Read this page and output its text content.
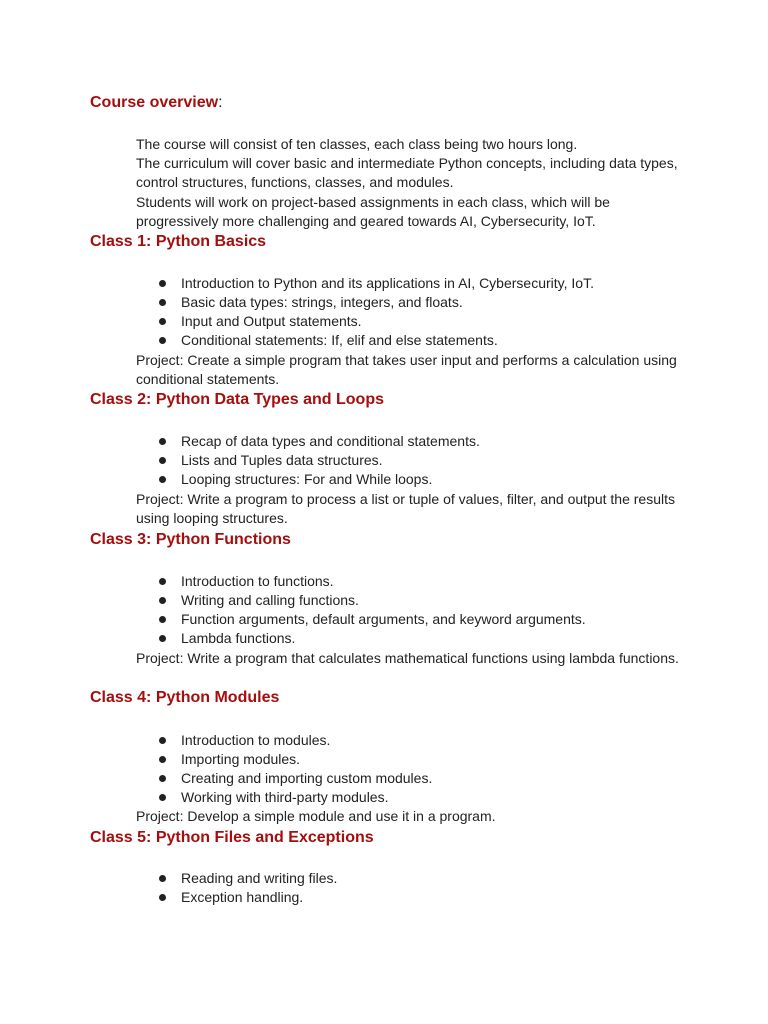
Course overview:

The course will consist of ten classes, each class being two hours long.

The curriculum will cover basic and intermediate Python concepts, including data types, control structures, functions, classes, and modules.

Students will work on project-based assignments in each class, which will be progressively more challenging and geared towards AI, Cybersecurity, IoT.

Class 1: Python Basics
Introduction to Python and its applications in AI, Cybersecurity, IoT.
Basic data types: strings, integers, and floats.
Input and Output statements.
Conditional statements: If, elif and else statements.

Project: Create a simple program that takes user input and performs a calculation using conditional statements.

Class 2: Python Data Types and Loops
Recap of data types and conditional statements.
Lists and Tuples data structures.
Looping structures: For and While loops.

Project: Write a program to process a list or tuple of values, filter, and output the results using looping structures.

Class 3: Python Functions
Introduction to functions.
Writing and calling functions.
Function arguments, default arguments, and keyword arguments.
Lambda functions.

Project: Write a program that calculates mathematical functions using lambda functions.

Class 4: Python Modules
Introduction to modules.
Importing modules.
Creating and importing custom modules.
Working with third-party modules.

Project: Develop a simple module and use it in a program.

Class 5: Python Files and Exceptions
Reading and writing files.
Exception handling.
